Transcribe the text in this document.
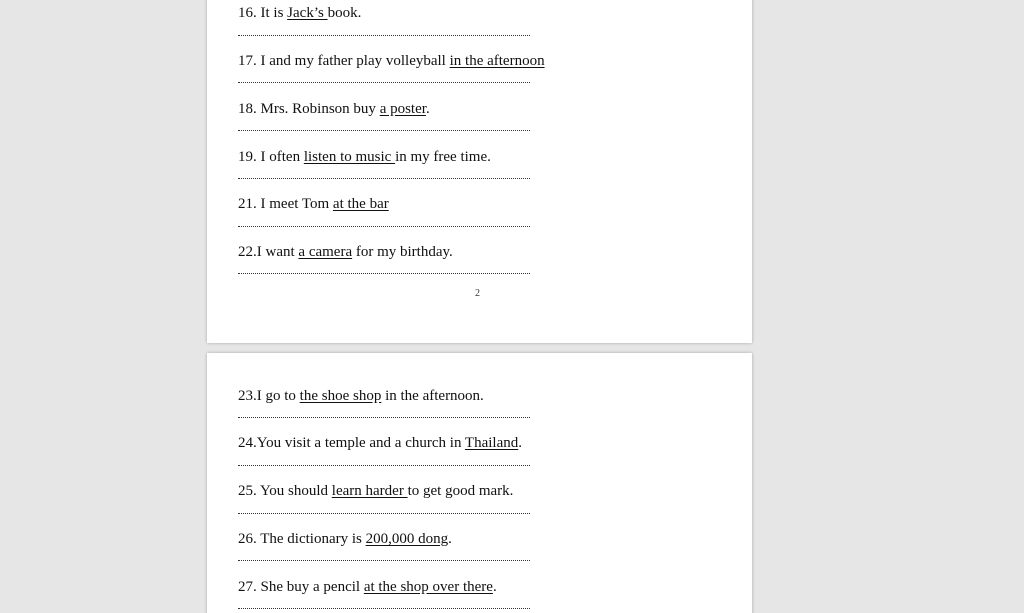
16. It is Jack’s book.
17. I and my father play volleyball in the afternoon
18. Mrs. Robinson buy a poster.
19. I often listen to music in my free time.
21. I meet Tom at the bar
22.I want a camera for my birthday.
2
23.I go to the shoe shop in the afternoon.
24.You visit a temple and a church in Thailand.
25. You should learn harder to get good mark.
26. The dictionary is 200,000 dong.
27. She buy a pencil at the shop over there.
